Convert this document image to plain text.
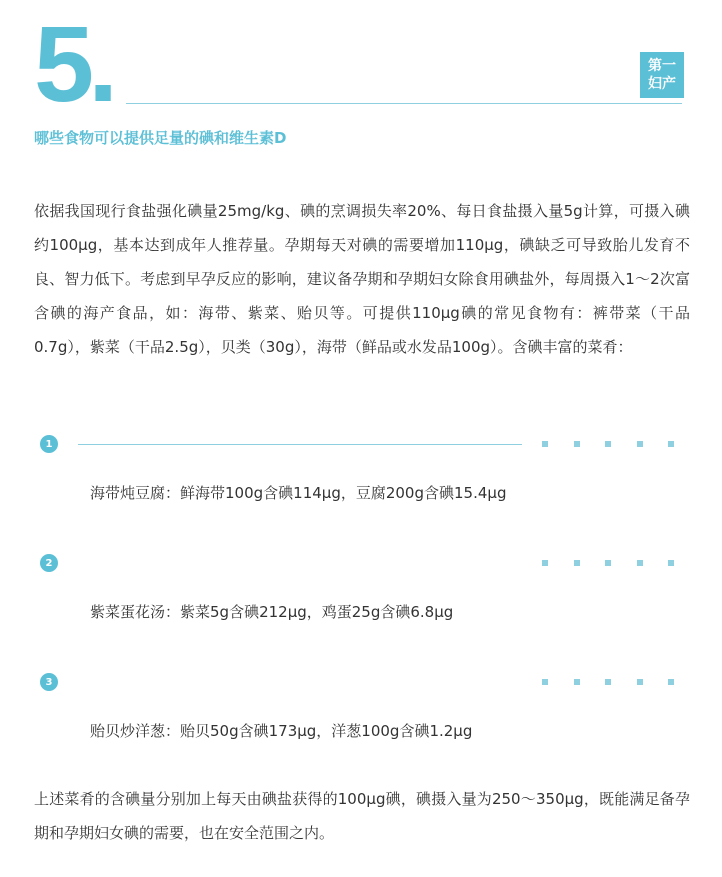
5.	第一
妇产
哪些食物可以提供足量的碘和维生素D
依据我国现行食盐强化碘量25mg/kg、碘的烹调损失率20%、每日食盐摄入量5g计算，可摄入碘约100μg，基本达到成年人推荐量。孕期每天对碘的需要增加110μg，碘缺乏可导致胎儿发育不良、智力低下。考虑到早孕反应的影响，建议备孕期和孕期妇女除食用碘盐外，每周摄入1～2次富含碘的海产食品，如：海带、紫菜、贻贝等。可提供110μg碘的常见食物有：裤带菜（干品0.7g），紫菜（干品2.5g），贝类（30g），海带（鲜品或水发品100g）。含碘丰富的菜肴：
1
海带炖豆腐：鲜海带100g含碘114μg，豆腐200g含碘15.4μg
2
紫菜蛋花汤：紫菜5g含碘212μg，鸡蛋25g含碘6.8μg
3
贻贝炒洋葱：贻贝50g含碘173μg，洋葱100g含碘1.2μg
上述菜肴的含碘量分别加上每天由碘盐获得的100μg碘，碘摄入量为250～350μg，既能满足备孕期和孕期妇女碘的需要，也在安全范围之内。
